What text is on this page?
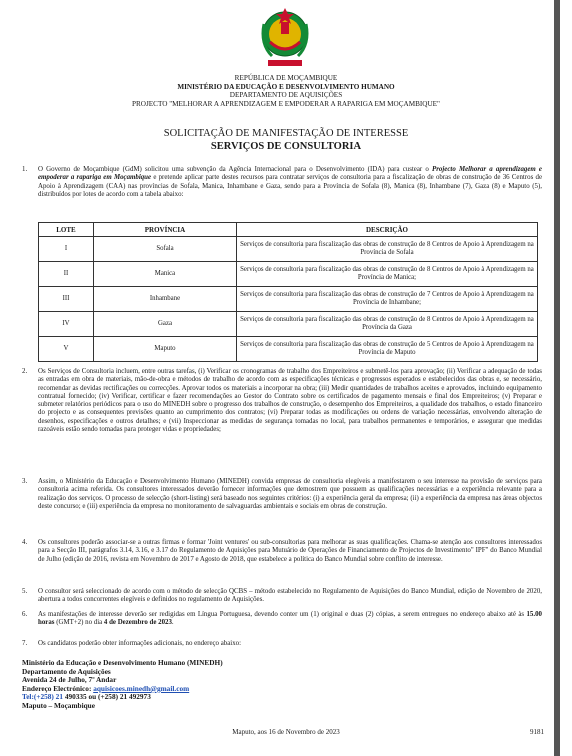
REPÚBLICA DE MOÇAMBIQUE
MINISTÉRIO DA EDUCAÇÃO E DESENVOLVIMENTO HUMANO
DEPARTAMENTO DE AQUISIÇÕES
PROJECTO "MELHORAR A APRENDIZAGEM E EMPODERAR A RAPARIGA EM MOÇAMBIQUE"
SOLICITAÇÃO DE MANIFESTAÇÃO DE INTERESSE
SERVIÇOS DE CONSULTORIA
1. O Governo de Moçambique (GdM) solicitou uma subvenção da Agência Internacional para o Desenvolvimento (IDA) para custear o Projecto Melhorar a aprendizagem e empoderar a rapariga em Moçambique e pretende aplicar parte destes recursos para contratar serviços de consultoria para a fiscalização de obras de construção de 36 Centros de Apoio à Aprendizagem (CAA) nas províncias de Sofala, Manica, Inhambane e Gaza, sendo para a Província de Sofala (8), Manica (8), Inhambane (7), Gaza (8) e Maputo (5), distribuídos por lotes de acordo com a tabela abaixo:
LOTE	PROVÍNCIA	DESCRIÇÃO
I	Sofala	Serviços de consultoria para fiscalização das obras de construção de 8 Centros de Apoio à Aprendizagem na Província de Sofala
II	Manica	Serviços de consultoria para fiscalização das obras de construção de 8 Centros de Apoio à Aprendizagem na Província de Manica;
III	Inhambane	Serviços de consultoria para fiscalização das obras de construção de 7 Centros de Apoio à Aprendizagem na Província de Inhambane;
IV	Gaza	Serviços de consultoria para fiscalização das obras de construção de 8 Centros de Apoio à Aprendizagem na Província da Gaza
V	Maputo	Serviços de consultoria para fiscalização das obras de construção de 5 Centros de Apoio à Aprendizagem na Província de Maputo
2. Os Serviços de Consultoria incluem, entre outras tarefas, (i) Verificar os cronogramas de trabalho dos Empreiteiros e submetê-los para aprovação; (ii) Verificar a adequação de todas as entradas em obra de materiais, mão-de-obra e métodos de trabalho de acordo com as especificações técnicas e progressos esperados e estabelecidos das obras e, se necessário, recomendar as devidas rectificações ou correcções. Aprovar todos os materiais a incorporar na obra; (iii) Medir quantidades de trabalhos aceites e aprovados, incluindo equipamento contratual fornecido; (iv) Verificar, certificar e fazer recomendações ao Gestor do Contrato sobre os certificados de pagamento mensais e final dos Empreiteiros; (v) Preparar e submeter relatórios periódicos para o uso do MINEDH sobre o progresso dos trabalhos de construção, o desempenho dos Empreiteiros, a qualidade dos trabalhos, o estado financeiro do projecto e as consequentes previsões quanto ao cumprimento dos contratos; (vi) Preparar todas as modificações ou ordens de variação necessárias, envolvendo alteração de desenhos, especificações e outros detalhes; e (vii) Inspeccionar as medidas de segurança tomadas no local, para trabalhos permanentes e temporários, e assegurar que medidas razoáveis estão sendo tomadas para proteger vidas e propriedades;
3. Assim, o Ministério da Educação e Desenvolvimento Humano (MINEDH) convida empresas de consultoria elegíveis a manifestarem o seu interesse na provisão de serviços para consultoria acima referida. Os consultores interessados deverão fornecer informações que demostrem que possuem as qualificações necessárias e a experiência relevante para a realização dos serviços. O processo de selecção (short-listing) será baseado nos seguintes critérios: (i) a experiência geral da empresa; (ii) a experiência da empresa nas áreas objectos deste concurso; e (iii) experiência da empresa no monitoramento de salvaguardas ambientais e sociais em obras de construção.
4. Os consultores poderão associar-se a outras firmas e formar 'Joint ventures' ou sub-consultorias para melhorar as suas qualificações. Chama-se atenção aos consultores interessados para a Secção III, parágrafos 3.14, 3.16, e 3.17 do Regulamento de Aquisições para Mutuário de Operações de Financiamento de Projectos de Investimento" IPF" do Banco Mundial de Julho (edição de 2016, revista em Novembro de 2017 e Agosto de 2018, que estabelece a política do Banco Mundial sobre conflito de interesse.
5. O consultor será seleccionado de acordo com o método de selecção QCBS – método estabelecido no Regulamento de Aquisições do Banco Mundial, edição de Novembro de 2020, abertura a todos concorrentes elegíveis e definidos no regulamento de Aquisições.
6. As manifestações de interesse deverão ser redigidas em Língua Portuguesa, devendo conter um (1) original e duas (2) cópias, a serem entregues no endereço abaixo até às 15.00 horas (GMT+2) no dia 4 de Dezembro de 2023.
7. Os candidatos poderão obter informações adicionais, no endereço abaixo:
Ministério da Educação e Desenvolvimento Humano (MINEDH)
Departamento de Aquisições
Avenida 24 de Julho, 7º Andar
Endereço Electrónico: aquisicoes.minedh@gmail.com
Tel:(+258) 21 490335 ou (+258) 21 492973
Maputo – Moçambique
Maputo, aos 16 de Novembro de 2023	9181
